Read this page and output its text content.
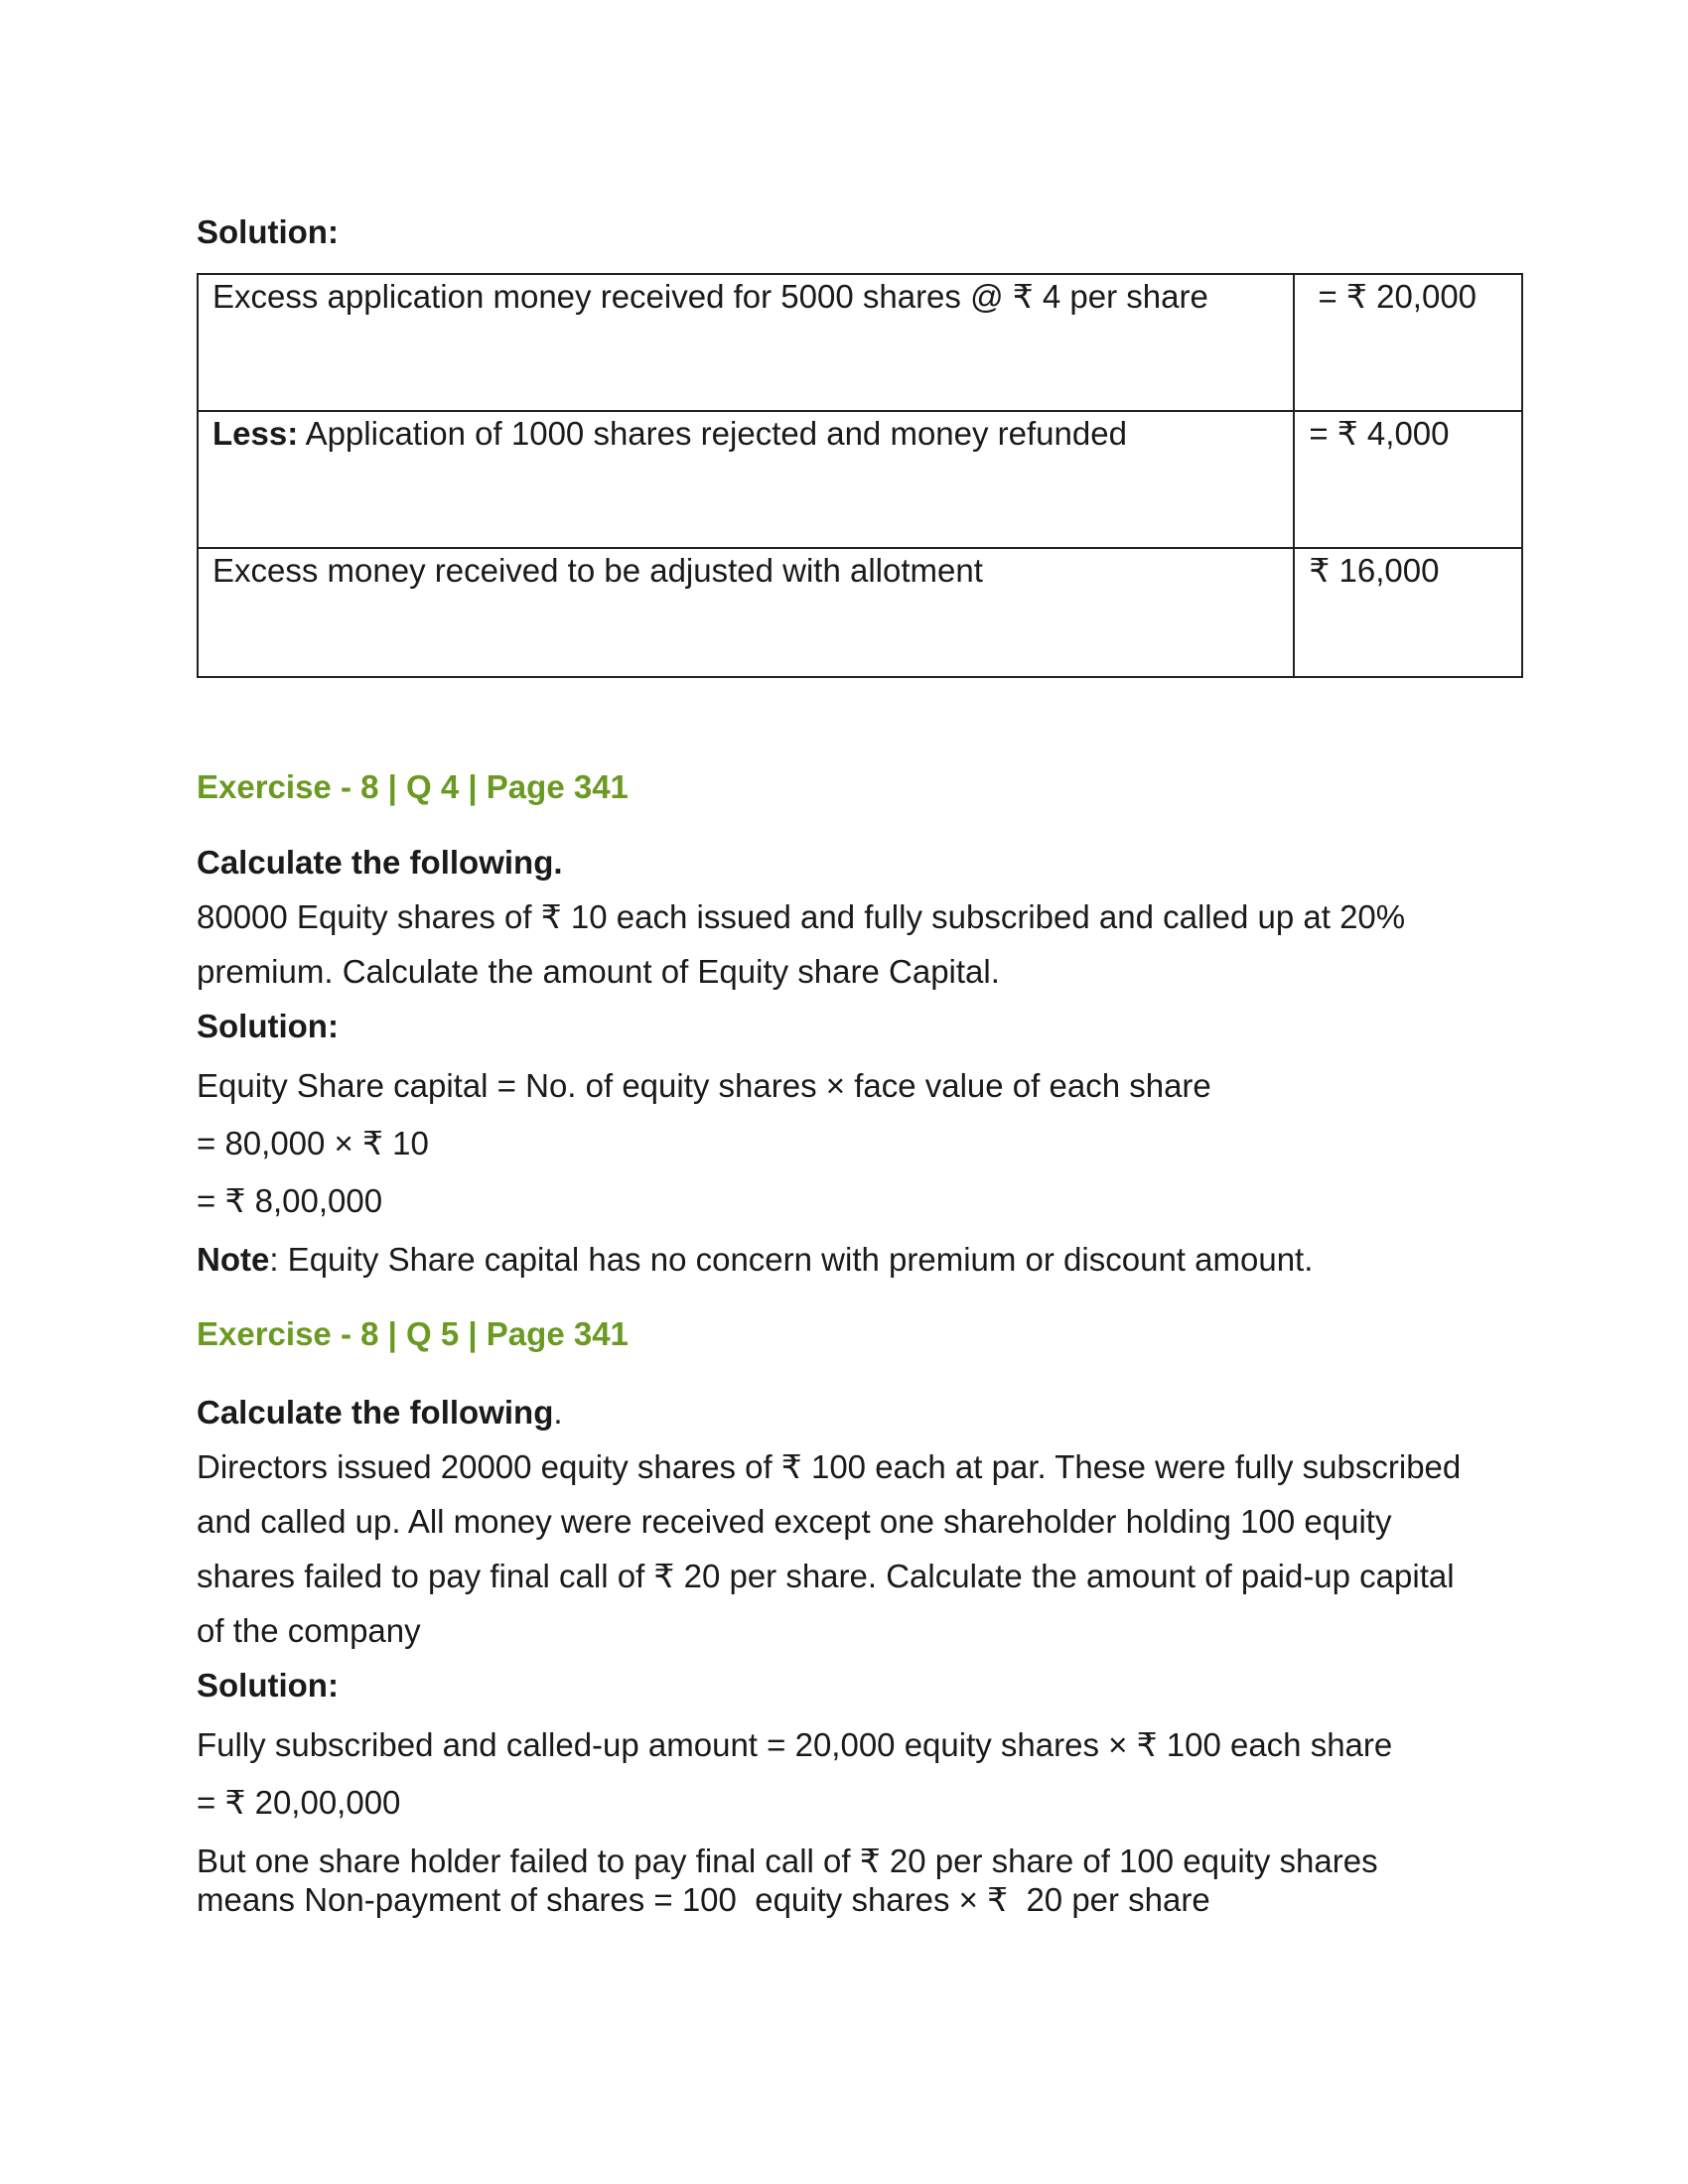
Solution:
Excess application money received for 5000 shares @ ₹ 4 per share	= ₹ 20,000
Less: Application of 1000 shares rejected and money refunded	= ₹ 4,000
Excess money received to be adjusted with allotment	₹ 16,000
Exercise - 8 | Q 4 | Page 341
Calculate the following.
80000 Equity shares of ₹ 10 each issued and fully subscribed and called up at 20%
premium. Calculate the amount of Equity share Capital.
Solution:
Equity Share capital = No. of equity shares × face value of each share
= 80,000 × ₹ 10
= ₹ 8,00,000
Note: Equity Share capital has no concern with premium or discount amount.
Exercise - 8 | Q 5 | Page 341
Calculate the following.
Directors issued 20000 equity shares of ₹ 100 each at par. These were fully subscribed
and called up. All money were received except one shareholder holding 100 equity
shares failed to pay final call of ₹ 20 per share. Calculate the amount of paid-up capital
of the company
Solution:
Fully subscribed and called-up amount = 20,000 equity shares × ₹ 100 each share
= ₹ 20,00,000
But one share holder failed to pay final call of ₹ 20 per share of 100 equity shares
means Non-payment of shares = 100  equity shares × ₹  20 per share
